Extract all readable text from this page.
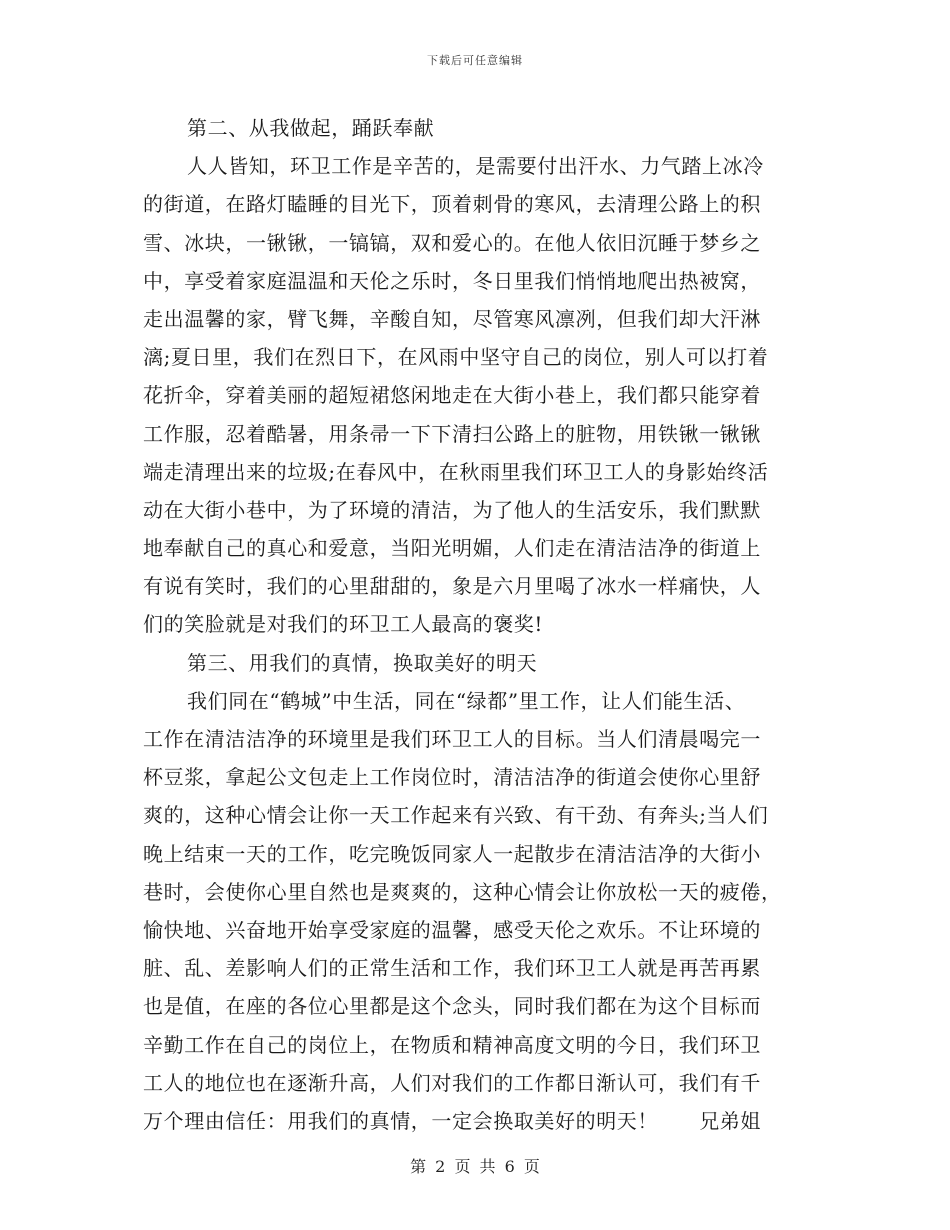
下载后可任意编辑
第二、从我做起，踊跃奉献
人人皆知，环卫工作是辛苦的，是需要付出汗水、力气踏上冰冷
的街道，在路灯瞌睡的目光下，顶着刺骨的寒风，去清理公路上的积
雪、冰块，一锹锹，一镐镐，双和爱心的。在他人依旧沉睡于梦乡之
中，享受着家庭温温和天伦之乐时，冬日里我们悄悄地爬出热被窝，
走出温馨的家，臂飞舞，辛酸自知，尽管寒风凛冽，但我们却大汗淋
漓;夏日里，我们在烈日下，在风雨中坚守自己的岗位，别人可以打着
花折伞，穿着美丽的超短裙悠闲地走在大街小巷上，我们都只能穿着
工作服，忍着酷暑，用条帚一下下清扫公路上的脏物，用铁锹一锹锹
端走清理出来的垃圾;在春风中，在秋雨里我们环卫工人的身影始终活
动在大街小巷中，为了环境的清洁，为了他人的生活安乐，我们默默
地奉献自己的真心和爱意，当阳光明媚，人们走在清洁洁净的街道上
有说有笑时，我们的心里甜甜的，象是六月里喝了冰水一样痛快，人
们的笑脸就是对我们的环卫工人最高的褒奖!
第三、用我们的真情，换取美好的明天
我们同在“鹤城”中生活，同在“绿都”里工作，让人们能生活、
工作在清洁洁净的环境里是我们环卫工人的目标。当人们清晨喝完一
杯豆浆，拿起公文包走上工作岗位时，清洁洁净的街道会使你心里舒
爽的，这种心情会让你一天工作起来有兴致、有干劲、有奔头;当人们
晚上结束一天的工作，吃完晚饭同家人一起散步在清洁洁净的大街小
巷时，会使你心里自然也是爽爽的，这种心情会让你放松一天的疲倦，
愉快地、兴奋地开始享受家庭的温馨，感受天伦之欢乐。不让环境的
脏、乱、差影响人们的正常生活和工作，我们环卫工人就是再苦再累
也是值，在座的各位心里都是这个念头，同时我们都在为这个目标而
辛勤工作在自己的岗位上，在物质和精神高度文明的今日，我们环卫
工人的地位也在逐渐升高，人们对我们的工作都日渐认可，我们有千
万个理由信任：用我们的真情，一定会换取美好的明天！　　兄弟姐
第 2 页 共 6 页
